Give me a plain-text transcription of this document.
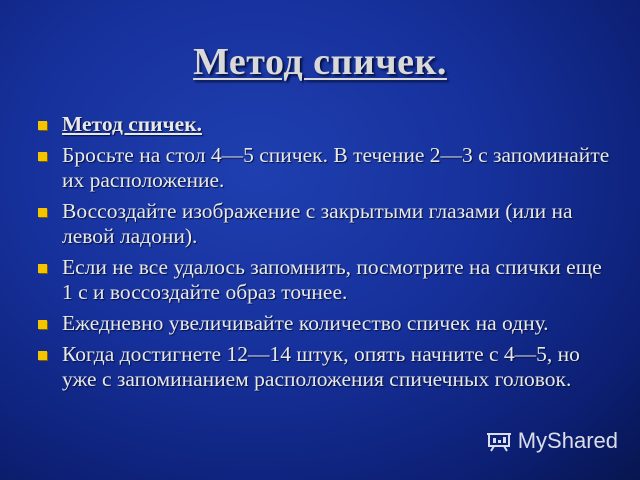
Метод спичек.
Метод спичек.
Бросьте на стол 4—5 спичек. В течение 2—3 с запоминайте их расположение.
Воссоздайте изображение с закрытыми глазами (или на левой ладони).
Если не все удалось запомнить, посмотрите на спички еще 1 с и воссоздайте образ точнее.
Ежедневно увеличивайте количество спичек на одну.
Когда достигнете 12—14 штук, опять начните с 4—5, но уже с запоминанием расположения спичечных головок.
MyShared
